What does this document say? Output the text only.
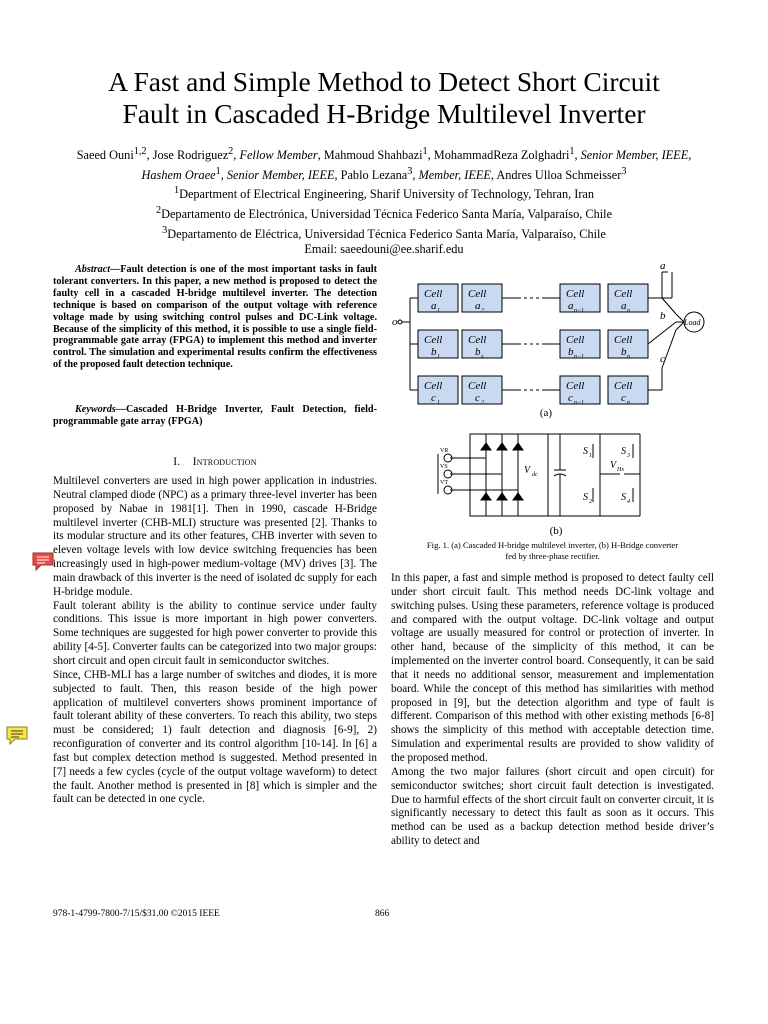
A Fast and Simple Method to Detect Short Circuit
Fault in Cascaded H-Bridge Multilevel Inverter
Saeed Ouni$^{1,2}$, Jose Rodriguez$^2$, Fellow Member, Mahmoud Shahbazi$^1$, MohammadReza Zolghadri$^1$, Senior Member, IEEE,
Hashem Oraee$^1$, Senior Member, IEEE, Pablo Lezana$^3$, Member, IEEE, Andres Ulloa Schmeisser$^3$
$^1$Department of Electrical Engineering, Sharif University of Technology, Tehran, Iran
$^2$Departamento de Electrónica, Universidad Técnica Federico Santa María, Valparaíso, Chile
$^3$Departamento de Eléctrica, Universidad Técnica Federico Santa María, Valparaíso, Chile
Email: saeedouni@ee.sharif.edu
Abstract—Fault detection is one of the most important tasks in fault tolerant converters. In this paper, a new method is proposed to detect the faulty cell in a cascaded H-bridge multilevel inverter. The detection technique is based on comparison of the output voltage with reference voltage made by using switching control pulses and DC-Link voltage. Because of the simplicity of this method, it is possible to use a single field-programmable gate array (FPGA) to implement this method and inverter control. The simulation and experimental results confirm the effectiveness of the proposed fault detection technique.
Keywords—Cascaded H-Bridge Inverter, Fault Detection, field-programmable gate array (FPGA)
I. Introduction

Multilevel converters are used in high power application in industries. Neutral clamped diode (NPC) as a primary three-level inverter has been proposed by Nabae in 1981[1]. Then in 1990, cascade H-Bridge multilevel inverter (CHB-MLI) structure was presented [2]. Thanks to its modular structure and its other features, CHB inverter with seven to eleven voltage levels with low device switching frequencies has been increasingly used in high-power medium-voltage (MV) drives [3]. The main drawback of this inverter is the need of isolated dc supply for each H-bridge module.

Fault tolerant ability is the ability to continue service under faulty conditions. This issue is more important in high power converters. Some techniques are suggested for high power converter to provide this ability [4-5]. Converter faults can be categorized into two major groups: short circuit and open circuit fault in semiconductor switches.

Since, CHB-MLI has a large number of switches and diodes, it is more subjected to fault. Then, this reason beside of the high power application of multilevel converters shows prominent importance of fault tolerant ability of these converters. To reach this ability, two steps must be considered; 1) fault detection and diagnosis [6-9], 2) reconfiguration of converter and its control algorithm [10-14]. In [6] a fast but complex detection method is suggested. Method presented in [7] needs a few cycles (cycle of the output voltage waveform) to detect the fault. Another method is presented in [8] which is simpler and the fault can be detected in one cycle.

In this paper, a fast and simple method is proposed to detect faulty cell under short circuit fault. This method needs DC-link voltage and switching pulses. Using these parameters, reference voltage is produced and compared with the output voltage. DC-link voltage and output voltage are usually measured for control or protection of inverter. In other hand, because of the simplicity of this method, it can be implemented on the inverter control board. Consequently, it can be said that it needs no additional sensor, measurement and implementation board. While the concept of this method has similarities with method proposed in [9], but the detection algorithm and type of fault is different. Comparison of this method with other existing methods [6-8] shows the simplicity of this method with acceptable detection time. Simulation and experimental results are provided to show validity of the proposed method.

Among the two major failures (short circuit and open circuit) for semiconductor switches; short circuit fault detection is investigated. Due to harmful effects of the short circuit fault on converter circuit, it is significantly necessary to detect this fault as soon as it occurs. This method can be used as a backup detection method beside driver’s ability to detect and

Cell Cell	Cell	Cell
a 1	a 2	a n−1	a n
Cell Cell	Cell	Cell
b 1	b x	b n−1	b n
Cell Cell	Cell	Cell
c 1	c 2	c n−1	c n
a
b
c
o	Load
(a)
V dc
S 1
S 2
S 3
S 4
V Hx
VR
VS
VT
(b)
Fig. 1. (a) Cascaded H-bridge multilevel inverter, (b) H-Bridge converter
fed by three-phase rectifier.
978-1-4799-7800-7/15/$31.00 ©2015 IEEE	866
